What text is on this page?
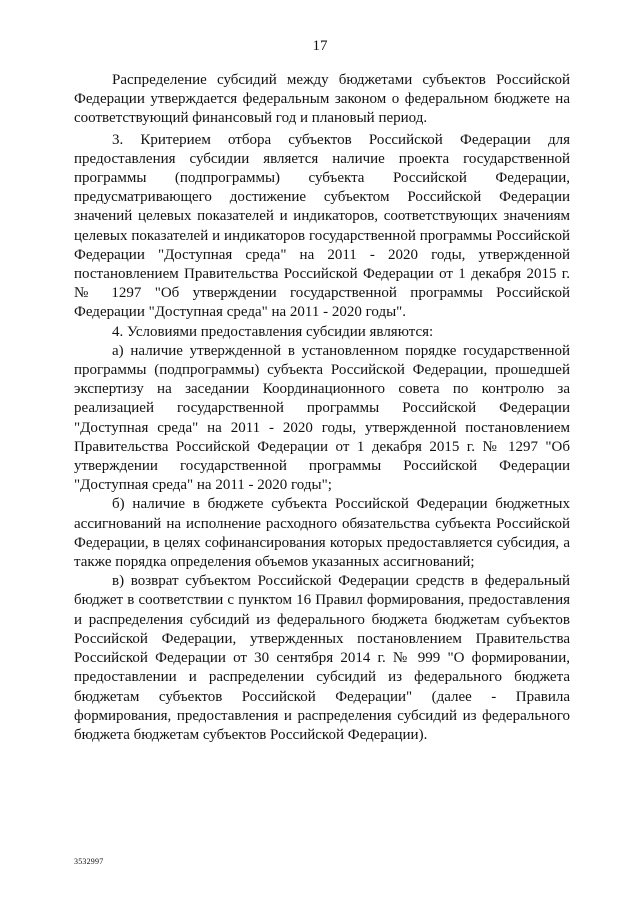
17

Распределение субсидий между бюджетами субъектов Российской Федерации утверждается федеральным законом о федеральном бюджете на соответствующий финансовый год и плановый период.

3. Критерием отбора субъектов Российской Федерации для предоставления субсидии является наличие проекта государственной программы (подпрограммы) субъекта Российской Федерации, предусматривающего достижение субъектом Российской Федерации значений целевых показателей и индикаторов, соответствующих значениям целевых показателей и индикаторов государственной программы Российской Федерации "Доступная среда" на 2011 - 2020 годы, утвержденной постановлением Правительства Российской Федерации от 1 декабря 2015 г. № 1297 "Об утверждении государственной программы Российской Федерации "Доступная среда" на 2011 - 2020 годы".

4. Условиями предоставления субсидии являются:

а) наличие утвержденной в установленном порядке государственной программы (подпрограммы) субъекта Российской Федерации, прошедшей экспертизу на заседании Координационного совета по контролю за реализацией государственной программы Российской Федерации "Доступная среда" на 2011 - 2020 годы, утвержденной постановлением Правительства Российской Федерации от 1 декабря 2015 г. № 1297 "Об утверждении государственной программы Российской Федерации "Доступная среда" на 2011 - 2020 годы";

б) наличие в бюджете субъекта Российской Федерации бюджетных ассигнований на исполнение расходного обязательства субъекта Российской Федерации, в целях софинансирования которых предоставляется субсидия, а также порядка определения объемов указанных ассигнований;

в) возврат субъектом Российской Федерации средств в федеральный бюджет в соответствии с пунктом 16 Правил формирования, предоставления и распределения субсидий из федерального бюджета бюджетам субъектов Российской Федерации, утвержденных постановлением Правительства Российской Федерации от 30 сентября 2014 г. № 999 "О формировании, предоставлении и распределении субсидий из федерального бюджета бюджетам субъектов Российской Федерации" (далее - Правила формирования, предоставления и распределения субсидий из федерального бюджета бюджетам субъектов Российской Федерации).

3532997
